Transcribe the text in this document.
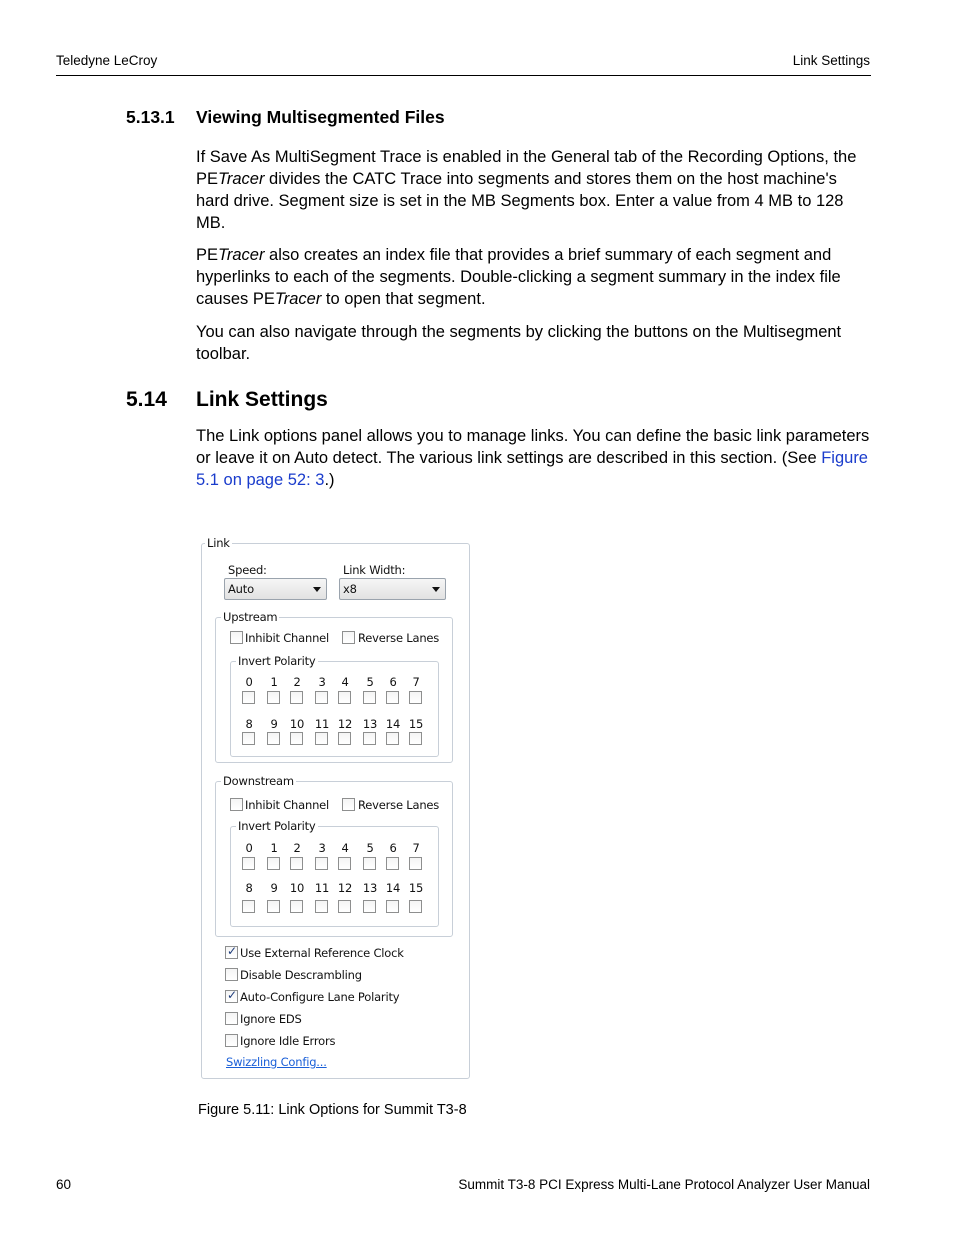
Teledyne LeCroy	Link Settings
5.13.1 Viewing Multisegmented Files
If Save As MultiSegment Trace is enabled in the General tab of the Recording Options, the PETracer divides the CATC Trace into segments and stores them on the host machine's hard drive. Segment size is set in the MB Segments box. Enter a value from 4 MB to 128 MB.
PETracer also creates an index file that provides a brief summary of each segment and hyperlinks to each of the segments. Double-clicking a segment summary in the index file causes PETracer to open that segment.
You can also navigate through the segments by clicking the buttons on the Multisegment toolbar.
5.14 Link Settings
The Link options panel allows you to manage links. You can define the basic link parameters or leave it on Auto detect. The various link settings are described in this section. (See Figure 5.1 on page 52: 3.)
Link
Speed:	Link Width:
Auto	x8
Upstream
Inhibit Channel	Reverse Lanes
Invert Polarity
Downstream
Inhibit Channel	Reverse Lanes
Invert Polarity
Swizzling Config...
0	1	2	3	4	5	6	7
8	9	10 11 12 13 14 15
0	1	2	3	4	5	6	7
8	9	10 11 12 13 14 15
✓
Use External Reference Clock
Disable Descrambling
✓
Auto-Configure Lane Polarity
Ignore EDS
Ignore Idle Errors
Figure 5.11: Link Options for Summit T3-8
60	Summit T3-8 PCI Express Multi-Lane Protocol Analyzer User Manual
